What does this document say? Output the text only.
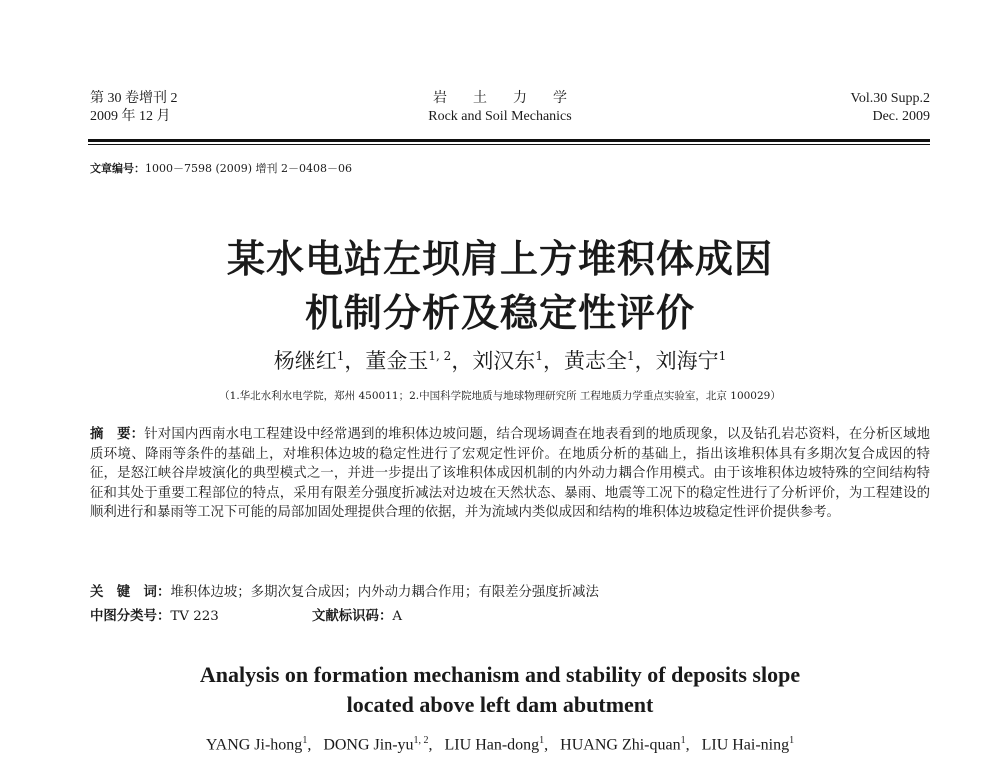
第 30 卷增刊 2
2009 年 12 月
岩土力学
Rock and Soil Mechanics
Vol.30 Supp.2
Dec. 2009
文章编号：1000－7598 (2009) 增刊 2－0408－06
某水电站左坝肩上方堆积体成因
机制分析及稳定性评价
杨继红$^1$，董金玉$^{1, 2}$，刘汉东$^1$，黄志全$^1$，刘海宁$^1$
（1.华北水利水电学院，郑州 450011；2.中国科学院地质与地球物理研究所 工程地质力学重点实验室，北京 100029）
摘　要：针对国内西南水电工程建设中经常遇到的堆积体边坡问题，结合现场调查在地表看到的地质现象，以及钻孔岩芯资料，在分析区域地质环境、降雨等条件的基础上，对堆积体边坡的稳定性进行了宏观定性评价。在地质分析的基础上，指出该堆积体具有多期次复合成因的特征，是怒江峡谷岸坡演化的典型模式之一，并进一步提出了该堆积体成因机制的内外动力耦合作用模式。由于该堆积体边坡特殊的空间结构特征和其处于重要工程部位的特点，采用有限差分强度折减法对边坡在天然状态、暴雨、地震等工况下的稳定性进行了分析评价，为工程建设的顺利进行和暴雨等工况下可能的局部加固处理提供合理的依据，并为流域内类似成因和结构的堆积体边坡稳定性评价提供参考。
关　键　词：堆积体边坡；多期次复合成因；内外动力耦合作用；有限差分强度折减法
中图分类号：TV 223	文献标识码：A
Analysis on formation mechanism and stability of deposits slope
located above left dam abutment
YANG Ji-hong$^1$,   DONG Jin-yu$^{1, 2}$,   LIU Han-dong$^1$,   HUANG Zhi-quan$^1$,   LIU Hai-ning$^1$
